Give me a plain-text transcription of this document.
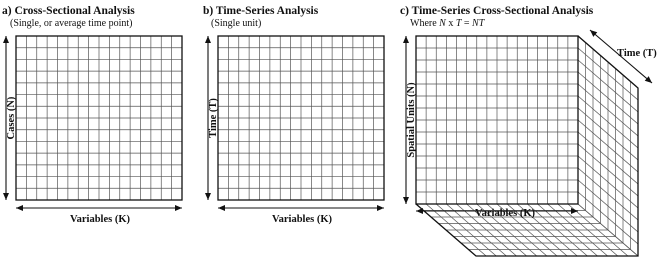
a) Cross-Sectional Analysis
(Single, or average time point)
Cases (N)
Variables (K)
b) Time-Series Analysis
(Single unit)
Time (T)
Variables (K)
c) Time-Series Cross-Sectional Analysis
Where N x T = NT
Spatial Units (N)
Variables (K)
Time (T)
